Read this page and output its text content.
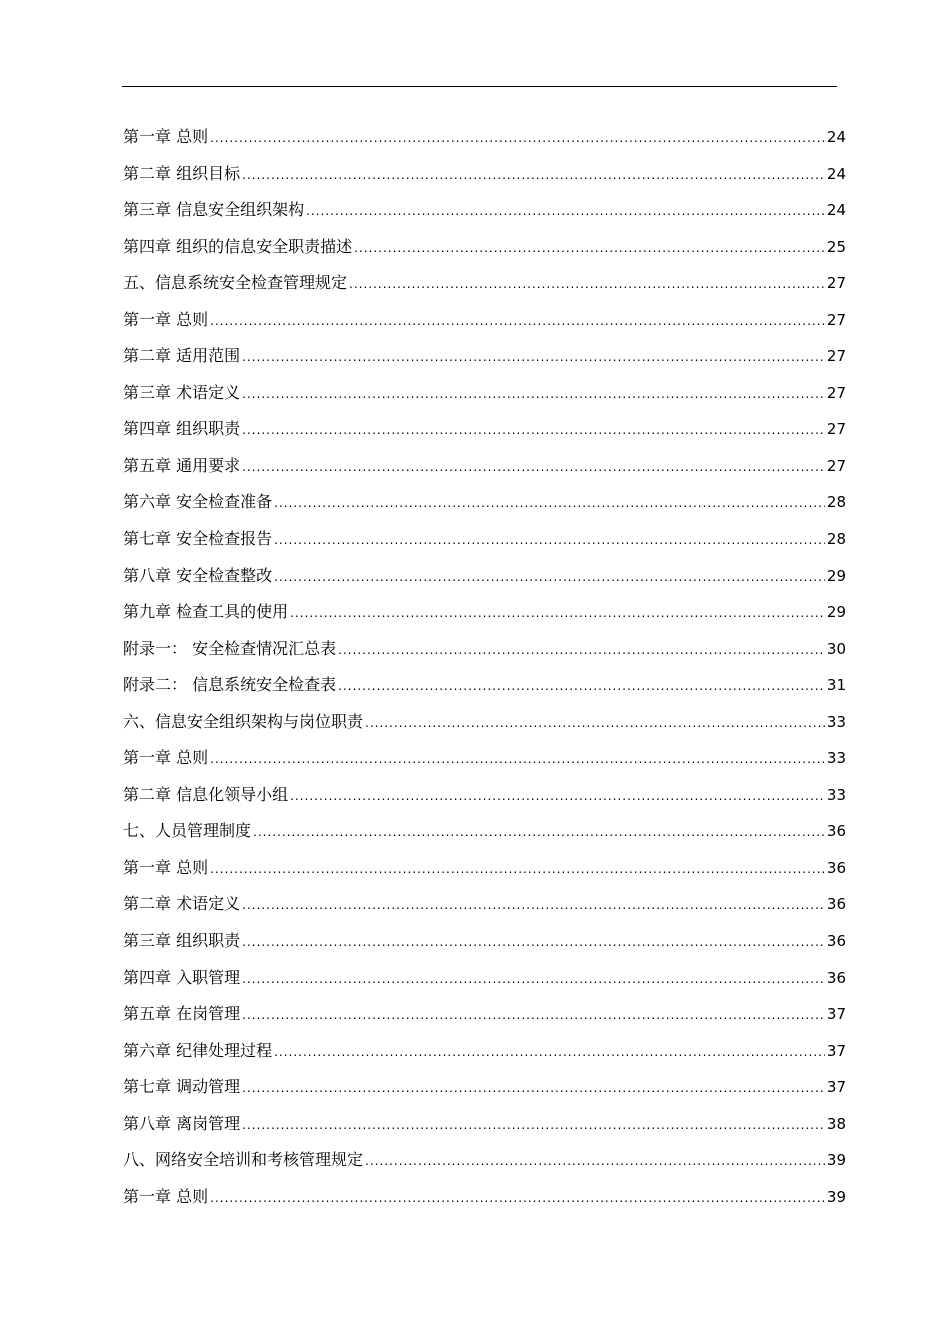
第一章 总则 .....	24
第二章 组织目标 .....	24
第三章 信息安全组织架构 .....	24
第四章 组织的信息安全职责描述 .....	25
五、信息系统安全检查管理规定 .....	27
第一章 总则 .....	27
第二章 适用范围 .....	27
第三章 术语定义 .....	27
第四章 组织职责 .....	27
第五章 通用要求 .....	27
第六章 安全检查准备 .....	28
第七章 安全检查报告 .....	28
第八章 安全检查整改 .....	29
第九章 检查工具的使用 .....	29
附录一： 安全检查情况汇总表 .....	30
附录二： 信息系统安全检查表 .....	31
六、信息安全组织架构与岗位职责 .....	33
第一章 总则 .....	33
第二章 信息化领导小组 .....	33
七、人员管理制度 .....	36
第一章 总则 .....	36
第二章 术语定义 .....	36
第三章 组织职责 .....	36
第四章 入职管理 .....	36
第五章 在岗管理 .....	37
第六章 纪律处理过程 .....	37
第七章 调动管理 .....	37
第八章 离岗管理 .....	38
八、网络安全培训和考核管理规定 .....	39
第一章 总则 .....	39
